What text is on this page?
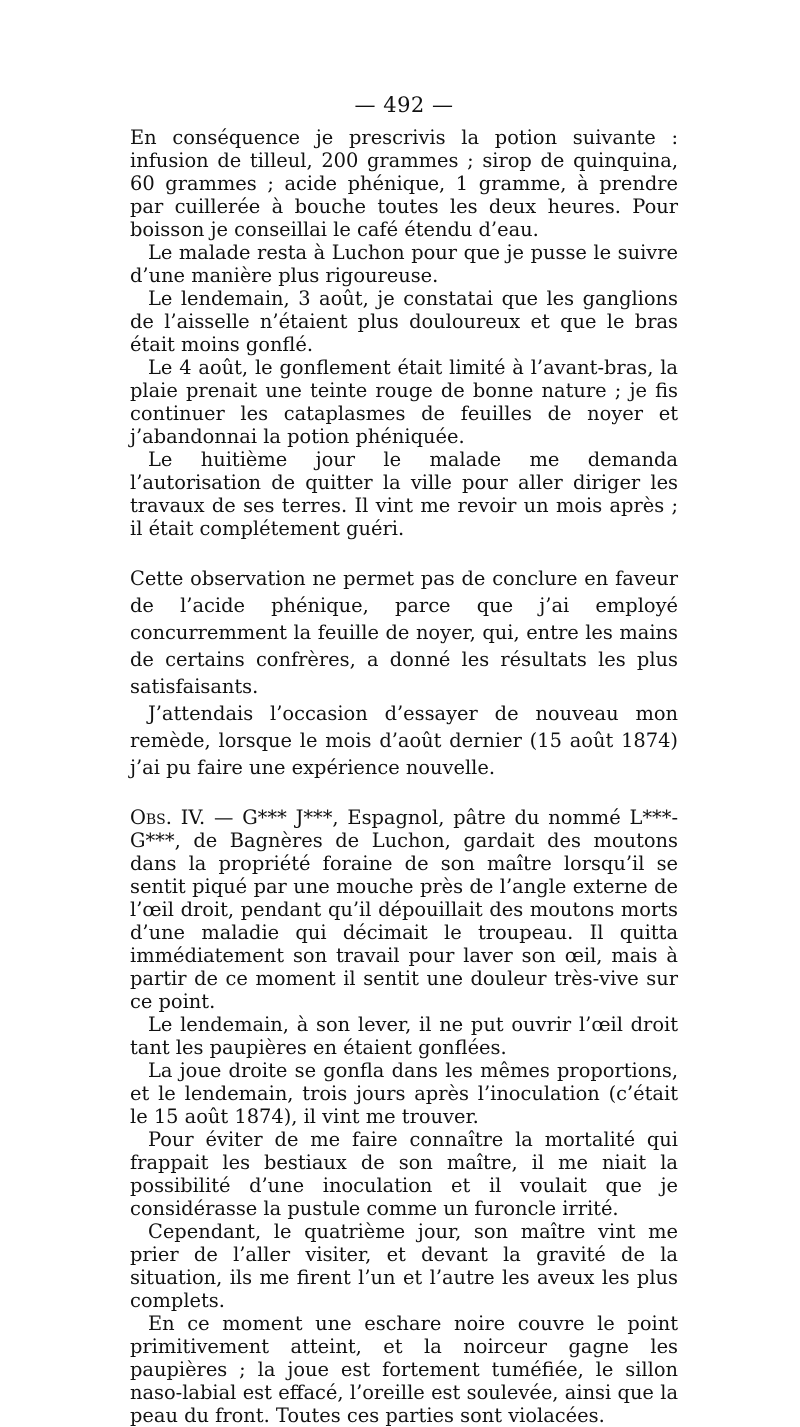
— 492 —

En conséquence je prescrivis la potion suivante : infusion de tilleul, 200 grammes ; sirop de quinquina, 60 grammes ; acide phénique, 1 gramme, à prendre par cuillerée à bouche toutes les deux heures. Pour boisson je conseillai le café étendu d’eau.

Le malade resta à Luchon pour que je pusse le suivre d’une manière plus rigoureuse.

Le lendemain, 3 août, je constatai que les ganglions de l’aisselle n’étaient plus douloureux et que le bras était moins gonflé.

Le 4 août, le gonflement était limité à l’avant-bras, la plaie prenait une teinte rouge de bonne nature ; je fis continuer les cataplasmes de feuilles de noyer et j’abandonnai la potion phéniquée.

Le huitième jour le malade me demanda l’autorisation de quitter la ville pour aller diriger les travaux de ses terres. Il vint me revoir un mois après ; il était complétement guéri.

Cette observation ne permet pas de conclure en faveur de l’acide phénique, parce que j’ai employé concurremment la feuille de noyer, qui, entre les mains de certains confrères, a donné les résultats les plus satisfaisants.

J’attendais l’occasion d’essayer de nouveau mon remède, lorsque le mois d’août dernier (15 août 1874) j’ai pu faire une expérience nouvelle.

Obs. IV. — G*** J***, Espagnol, pâtre du nommé L***-G***, de Bagnères de Luchon, gardait des moutons dans la propriété foraine de son maître lorsqu’il se sentit piqué par une mouche près de l’angle externe de l’œil droit, pendant qu’il dépouillait des moutons morts d’une maladie qui décimait le troupeau. Il quitta immédiatement son travail pour laver son œil, mais à partir de ce moment il sentit une douleur très-vive sur ce point.

Le lendemain, à son lever, il ne put ouvrir l’œil droit tant les paupières en étaient gonflées.

La joue droite se gonfla dans les mêmes proportions, et le lendemain, trois jours après l’inoculation (c’était le 15 août 1874), il vint me trouver.

Pour éviter de me faire connaître la mortalité qui frappait les bestiaux de son maître, il me niait la possibilité d’une inoculation et il voulait que je considérasse la pustule comme un furoncle irrité.

Cependant, le quatrième jour, son maître vint me prier de l’aller visiter, et devant la gravité de la situation, ils me firent l’un et l’autre les aveux les plus complets.

En ce moment une eschare noire couvre le point primitivement atteint, et la noirceur gagne les paupières ; la joue est fortement tuméfiée, le sillon naso-labial est effacé, l’oreille est soulevée, ainsi que la peau du front. Toutes ces parties sont violacées.
